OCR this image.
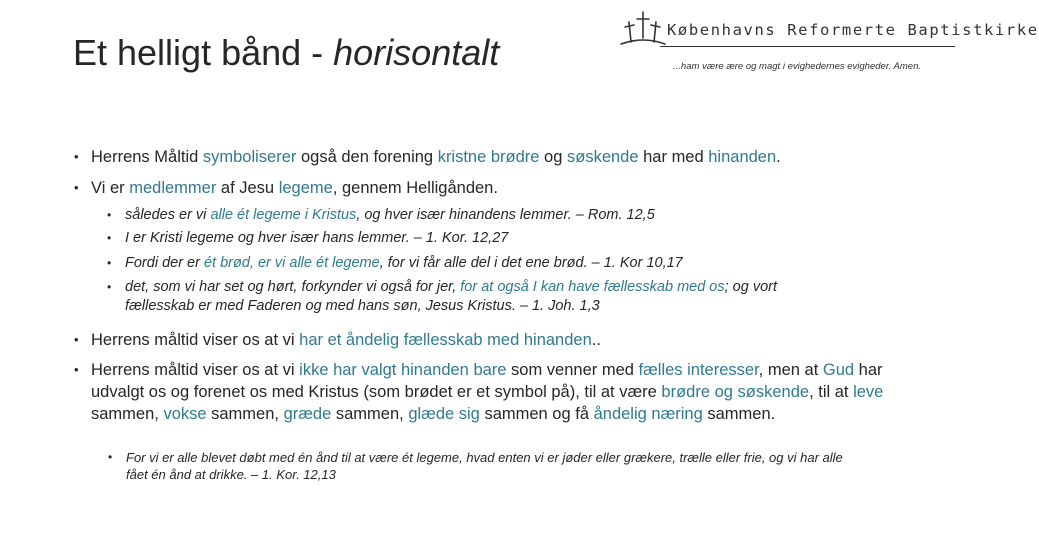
Et helligt bånd - horisontalt
Københavns Reformerte Baptistkirke
...ham være ære og magt i evighedernes evigheder. Amen.
• Herrens Måltid symboliserer også den forening kristne brødre og søskende har med hinanden.
• Vi er medlemmer af Jesu legeme, gennem Helligånden.
• således er vi alle ét legeme i Kristus, og hver især hinandens lemmer. – Rom. 12,5
• I er Kristi legeme og hver især hans lemmer. – 1. Kor. 12,27
• Fordi der er ét brød, er vi alle ét legeme, for vi får alle del i det ene brød. – 1. Kor 10,17
• det, som vi har set og hørt, forkynder vi også for jer, for at også I kan have fællesskab med os; og vort fællesskab er med Faderen og med hans søn, Jesus Kristus. – 1. Joh. 1,3
• Herrens måltid viser os at vi har et åndelig fællesskab med hinanden..
• Herrens måltid viser os at vi ikke har valgt hinanden bare som venner med fælles interesser, men at Gud har udvalgt os og forenet os med Kristus (som brødet er et symbol på), til at være brødre og søskende, til at leve sammen, vokse sammen, græde sammen, glæde sig sammen og få åndelig næring sammen.
• For vi er alle blevet døbt med én ånd til at være ét legeme, hvad enten vi er jøder eller grækere, trælle eller frie, og vi har alle fået én ånd at drikke. – 1. Kor. 12,13
